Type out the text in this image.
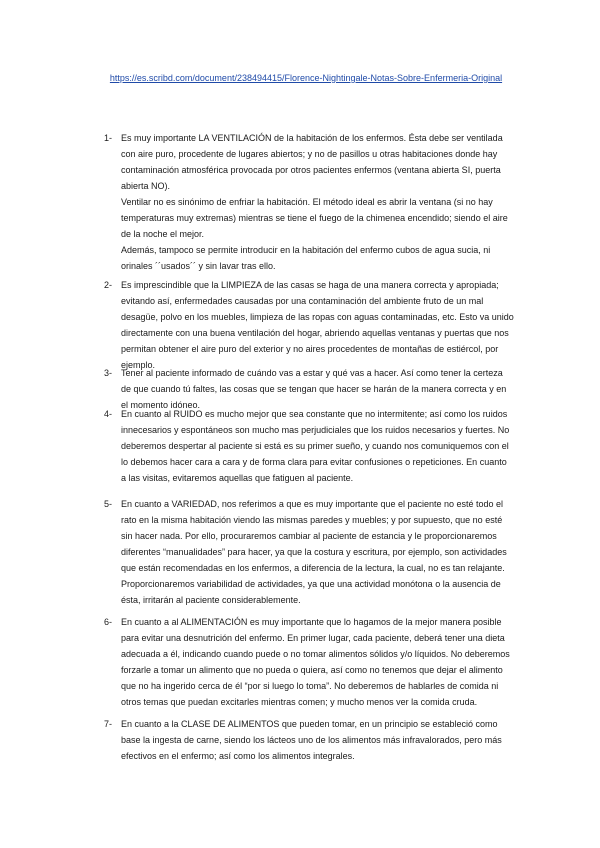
https://es.scribd.com/document/238494415/Florence-Nightingale-Notas-Sobre-Enfermeria-Original
1- Es muy importante LA VENTILACIÓN de la habitación de los enfermos. Ésta debe ser ventilada con aire puro, procedente de lugares abiertos; y no de pasillos u otras habitaciones donde hay contaminación atmosférica provocada por otros pacientes enfermos (ventana abierta SI, puerta abierta NO).

Ventilar no es sinónimo de enfriar la habitación. El método ideal es abrir la ventana (si no hay temperaturas muy extremas) mientras se tiene el fuego de la chimenea encendido; siendo el aire de la noche el mejor.

Además, tampoco se permite introducir en la habitación del enfermo cubos de agua sucia, ni orinales ´´usados´´ y sin lavar tras ello.

2- Es imprescindible que la LIMPIEZA de las casas se haga de una manera correcta y apropiada; evitando así, enfermedades causadas por una contaminación del ambiente fruto de un mal desagüe, polvo en los muebles, limpieza de las ropas con aguas contaminadas, etc. Esto va unido directamente con una buena ventilación del hogar, abriendo aquellas ventanas y puertas que nos permitan obtener el aire puro del exterior y no aires procedentes de montañas de estiércol, por ejemplo.

3- Tener al paciente informado de cuándo vas a estar y qué vas a hacer. Así como tener la certeza de que cuando tú faltes, las cosas que se tengan que hacer se harán de la manera correcta y en el momento idóneo.

4- En cuanto al RUIDO es mucho mejor que sea constante que no intermitente; así como los ruidos innecesarios y espontáneos son mucho mas perjudiciales que los ruidos necesarios y fuertes. No deberemos despertar al paciente si está es su primer sueño, y cuando nos comuniquemos con el lo debemos hacer cara a cara y de forma clara para evitar confusiones o repeticiones. En cuanto a las visitas, evitaremos aquellas que fatiguen al paciente.

5- En cuanto a VARIEDAD, nos referimos a que es muy importante que el paciente no esté todo el rato en la misma habitación viendo las mismas paredes y muebles; y por supuesto, que no esté sin hacer nada. Por ello, procuraremos cambiar al paciente de estancia y le proporcionaremos diferentes “manualidades” para hacer, ya que la costura y escritura, por ejemplo, son actividades que están recomendadas en los enfermos, a diferencia de la lectura, la cual, no es tan relajante. Proporcionaremos variabilidad de actividades, ya que una actividad monótona o la ausencia de ésta, irritarán al paciente considerablemente.

6- En cuanto a al ALIMENTACIÓN es muy importante que lo hagamos de la mejor manera posible para evitar una desnutrición del enfermo. En primer lugar, cada paciente, deberá tener una dieta adecuada a él, indicando cuando puede o no tomar alimentos sólidos y/o líquidos. No deberemos forzarle a tomar un alimento que no pueda o quiera, así como no tenemos que dejar el alimento que no ha ingerido cerca de él “por si luego lo toma”. No deberemos de hablarles de comida ni otros temas que puedan excitarles mientras comen; y mucho menos ver la comida cruda.

7- En cuanto a la CLASE DE ALIMENTOS que pueden tomar, en un principio se estableció como base la ingesta de carne, siendo los lácteos uno de los alimentos más infravalorados, pero más efectivos en el enfermo; así como los alimentos integrales.
